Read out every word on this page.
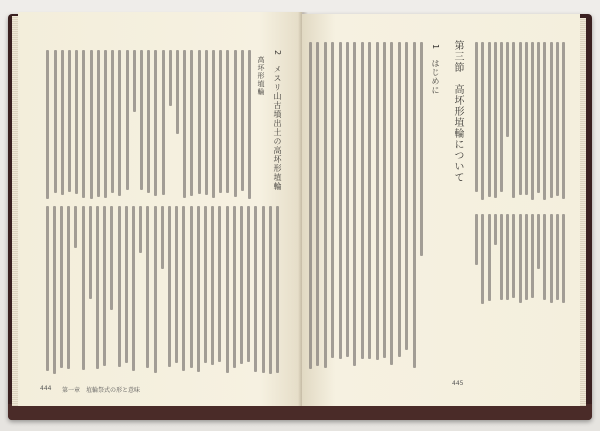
2　メスリ山古墳出土の高坏形埴輪
高坏形埴輪
444 第一章　埴輪祭式の形と意味
第三節　高坏形埴輪について
1　はじめに
445
